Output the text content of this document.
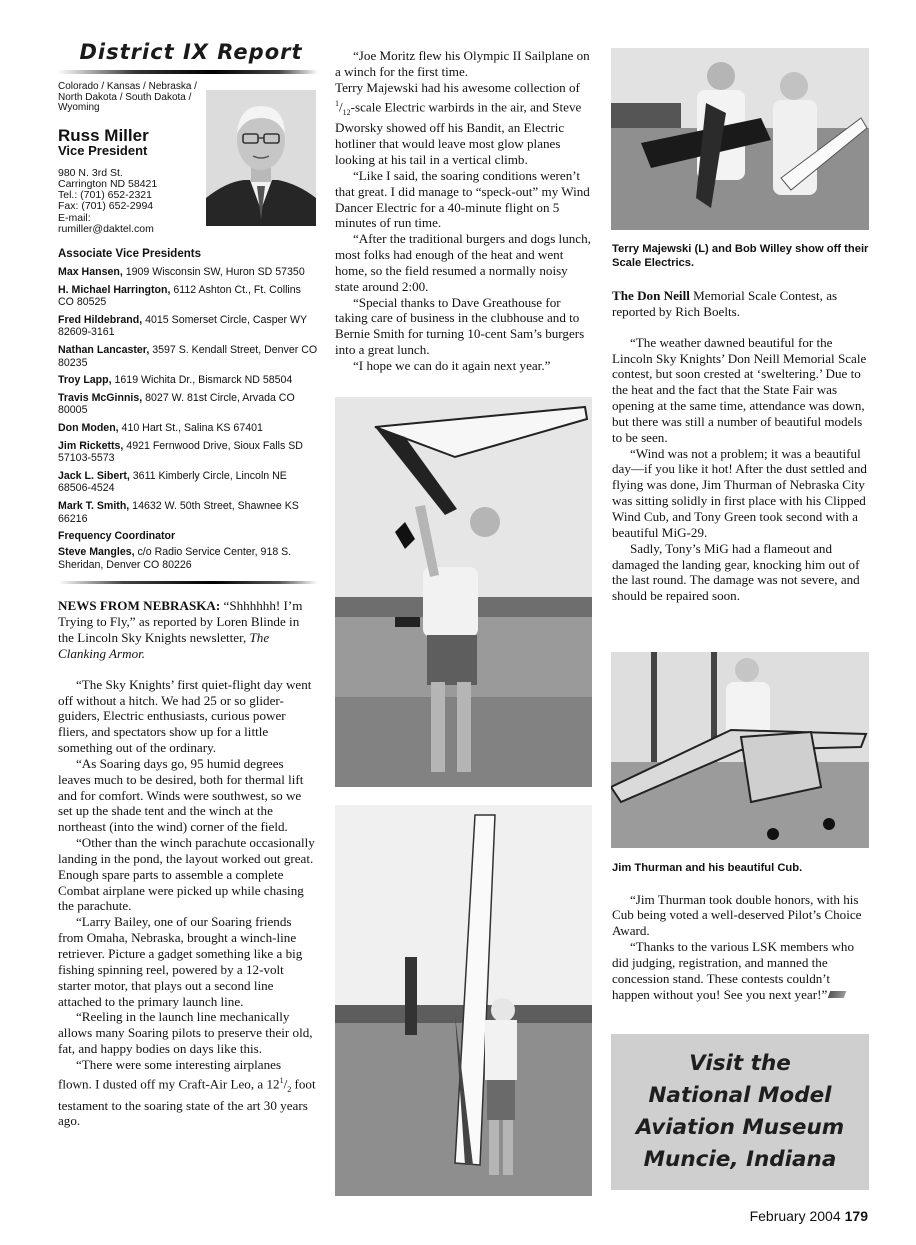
District IX Report
Colorado / Kansas / Nebraska / North Dakota / South Dakota / Wyoming
Russ Miller
Vice President
980 N. 3rd St.
Carrington ND 58421
Tel.: (701) 652-2321
Fax: (701) 652-2994
E-mail:
rumiller@daktel.com
Associate Vice Presidents
Max Hansen, 1909 Wisconsin SW, Huron SD 57350
H. Michael Harrington, 6112 Ashton Ct., Ft. Collins CO 80525
Fred Hildebrand, 4015 Somerset Circle, Casper WY 82609-3161
Nathan Lancaster, 3597 S. Kendall Street, Denver CO 80235
Troy Lapp, 1619 Wichita Dr., Bismarck ND 58504
Travis McGinnis, 8027 W. 81st Circle, Arvada CO 80005
Don Moden, 410 Hart St., Salina KS 67401
Jim Ricketts, 4921 Fernwood Drive, Sioux Falls SD 57103-5573
Jack L. Sibert, 3611 Kimberly Circle, Lincoln NE 68506-4524
Mark T. Smith, 14632 W. 50th Street, Shawnee KS 66216
Frequency Coordinator
Steve Mangles, c/o Radio Service Center, 918 S. Sheridan, Denver CO 80226

NEWS FROM NEBRASKA: “Shhhhhh! I’m Trying to Fly,” as reported by Loren Blinde in the Lincoln Sky Knights newsletter, The Clanking Armor.

“The Sky Knights’ first quiet-flight day went off without a hitch. We had 25 or so glider-guiders, Electric enthusiasts, curious power fliers, and spectators show up for a little something out of the ordinary.

“As Soaring days go, 95 humid degrees leaves much to be desired, both for thermal lift and for comfort. Winds were southwest, so we set up the shade tent and the winch at the northeast (into the wind) corner of the field.

“Other than the winch parachute occasionally landing in the pond, the layout worked out great. Enough spare parts to assemble a complete Combat airplane were picked up while chasing the parachute.

“Larry Bailey, one of our Soaring friends from Omaha, Nebraska, brought a winch-line retriever. Picture a gadget something like a big fishing spinning reel, powered by a 12-volt starter motor, that plays out a second line attached to the primary launch line.

“Reeling in the launch line mechanically allows many Soaring pilots to preserve their old, fat, and happy bodies on days like this.

“There were some interesting airplanes flown. I dusted off my Craft-Air Leo, a $12^1/_2$ foot testament to the soaring state of the art 30 years ago.

“Joe Moritz flew his Olympic II Sailplane on a winch for the first time.

Terry Majewski had his awesome collection of $^1/_{12}$-scale Electric warbirds in the air, and Steve Dworsky showed off his Bandit, an Electric hotliner that would leave most glow planes looking at his tail in a vertical climb.

“Like I said, the soaring conditions weren’t that great. I did manage to “speck-out” my Wind Dancer Electric for a 40-minute flight on 5 minutes of run time.

“After the traditional burgers and dogs lunch, most folks had enough of the heat and went home, so the field resumed a normally noisy state around 2:00.

“Special thanks to Dave Greathouse for taking care of business in the clubhouse and to Bernie Smith for turning 10-cent Sam’s burgers into a great lunch.

“I hope we can do it again next year.”

Terry Majewski (L) and Bob Willey show off their Scale Electrics.

The Don Neill Memorial Scale Contest, as reported by Rich Boelts.

“The weather dawned beautiful for the Lincoln Sky Knights’ Don Neill Memorial Scale contest, but soon crested at ‘sweltering.’ Due to the heat and the fact that the State Fair was opening at the same time, attendance was down, but there was still a number of beautiful models to be seen.

“Wind was not a problem; it was a beautiful day—if you like it hot! After the dust settled and flying was done, Jim Thurman of Nebraska City was sitting solidly in first place with his Clipped Wind Cub, and Tony Green took second with a beautiful MiG-29.

Sadly, Tony’s MiG had a flameout and damaged the landing gear, knocking him out of the last round. The damage was not severe, and should be repaired soon.

Jim Thurman and his beautiful Cub.

“Jim Thurman took double honors, with his Cub being voted a well-deserved Pilot’s Choice Award.

“Thanks to the various LSK members who did judging, registration, and manned the concession stand. These contests couldn’t happen without you! See you next year!”

Visit the
National Model
Aviation Museum
Muncie, Indiana
February 2004 179
